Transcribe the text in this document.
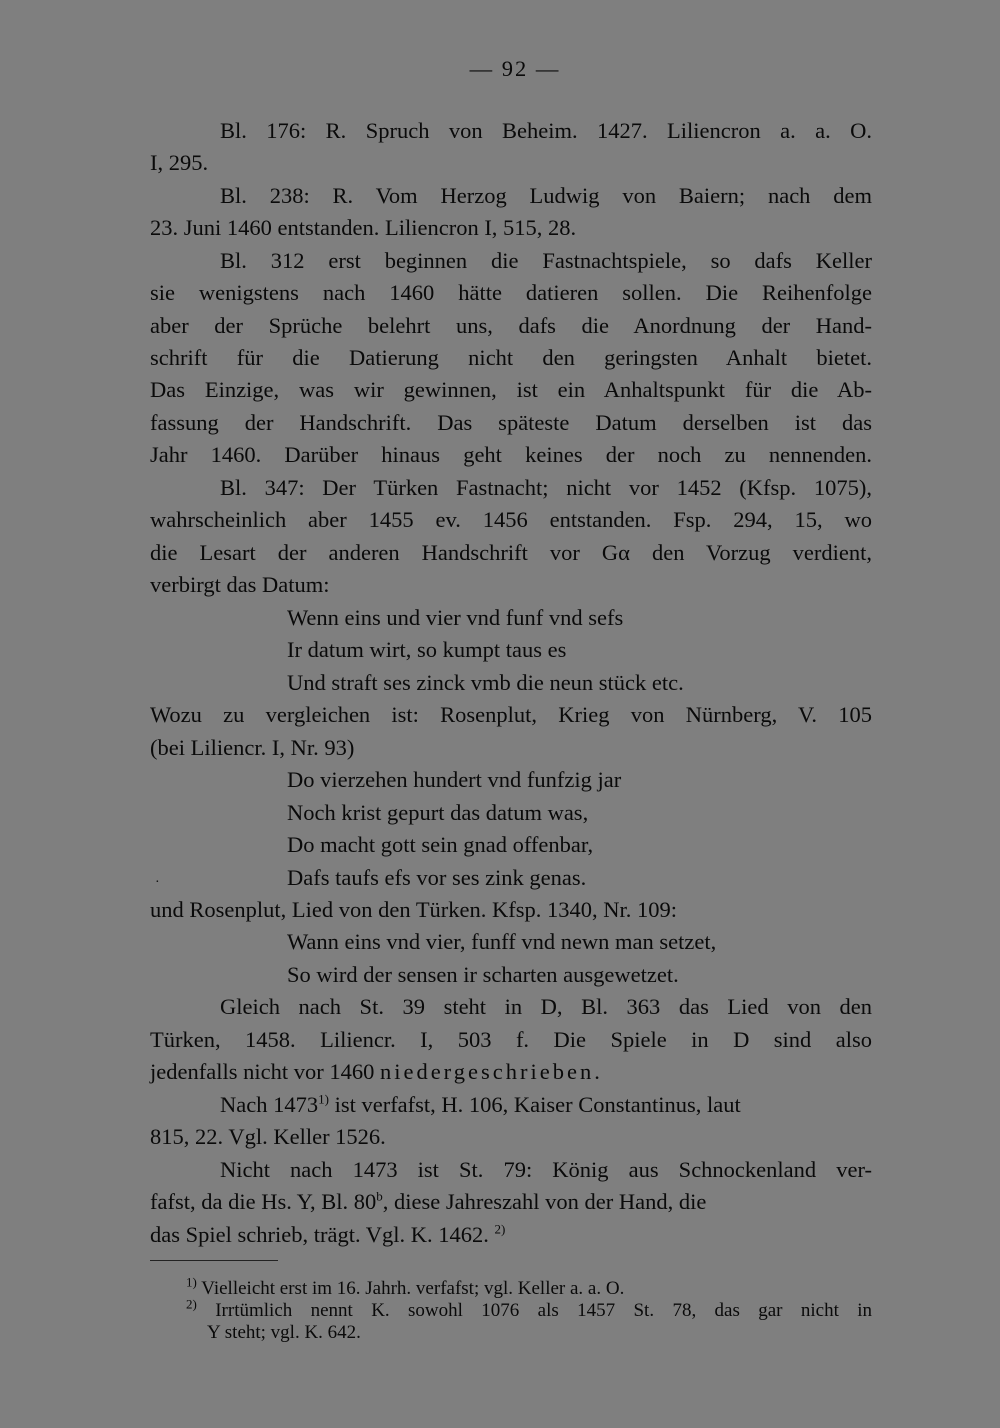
— 92 —
Bl. 176: R. Spruch von Beheim. 1427. Liliencron a. a. O.
I, 295.
Bl. 238: R. Vom Herzog Ludwig von Baiern; nach dem
23. Juni 1460 entstanden. Liliencron I, 515, 28.
Bl. 312 erst beginnen die Fastnachtspiele, so dafs Keller
sie wenigstens nach 1460 hätte datieren sollen. Die Reihenfolge
aber der Sprüche belehrt uns, dafs die Anordnung der Hand-
schrift für die Datierung nicht den geringsten Anhalt bietet.
Das Einzige, was wir gewinnen, ist ein Anhaltspunkt für die Ab-
fassung der Handschrift. Das späteste Datum derselben ist das
Jahr 1460. Darüber hinaus geht keines der noch zu nennenden.
Bl. 347: Der Türken Fastnacht; nicht vor 1452 (Kfsp. 1075),
wahrscheinlich aber 1455 ev. 1456 entstanden. Fsp. 294, 15, wo
die Lesart der anderen Handschrift vor Gα den Vorzug verdient,
verbirgt das Datum:
Wenn eins und vier vnd funf vnd sefs
Ir datum wirt, so kumpt taus es
Und straft ses zinck vmb die neun stück etc.
Wozu zu vergleichen ist: Rosenplut, Krieg von Nürnberg, V. 105
(bei Liliencr. I, Nr. 93)
Do vierzehen hundert vnd funfzig jar
Noch krist gepurt das datum was,
Do macht gott sein gnad offenbar,
·	Dafs taufs efs vor ses zink genas.
und Rosenplut, Lied von den Türken. Kfsp. 1340, Nr. 109:
Wann eins vnd vier, funff vnd newn man setzet,
So wird der sensen ir scharten ausgewetzet.
Gleich nach St. 39 steht in D, Bl. 363 das Lied von den
Türken, 1458. Liliencr. I, 503 f. Die Spiele in D sind also
jedenfalls nicht vor 1460 niedergeschrieben.
Nach 1473$^{1)}$ ist verfafst, H. 106, Kaiser Constantinus, laut
815, 22. Vgl. Keller 1526.
Nicht nach 1473 ist St. 79: König aus Schnockenland ver-
fafst, da die Hs. Y, Bl. 80$^b$, diese Jahreszahl von der Hand, die
das Spiel schrieb, trägt. Vgl. K. 1462. $^{2)}$
$^{1)}$ Vielleicht erst im 16. Jahrh. verfafst; vgl. Keller a. a. O.
$^{2)}$ Irrtümlich nennt K. sowohl 1076 als 1457 St. 78, das gar nicht in
Y steht; vgl. K. 642.
